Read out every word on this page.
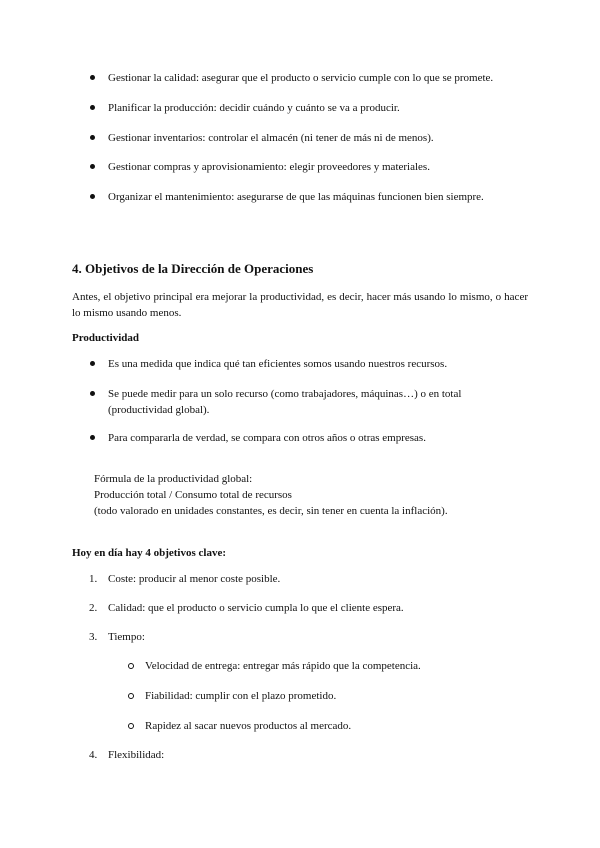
Gestionar la calidad: asegurar que el producto o servicio cumple con lo que se promete.
Planificar la producción: decidir cuándo y cuánto se va a producir.
Gestionar inventarios: controlar el almacén (ni tener de más ni de menos).
Gestionar compras y aprovisionamiento: elegir proveedores y materiales.
Organizar el mantenimiento: asegurarse de que las máquinas funcionen bien siempre.
4. Objetivos de la Dirección de Operaciones
Antes, el objetivo principal era mejorar la productividad, es decir, hacer más usando lo mismo, o hacer lo mismo usando menos.
Productividad
Es una medida que indica qué tan eficientes somos usando nuestros recursos.
Se puede medir para un solo recurso (como trabajadores, máquinas…) o en total (productividad global).
Para compararla de verdad, se compara con otros años o otras empresas.
Fórmula de la productividad global:
Producción total / Consumo total de recursos
(todo valorado en unidades constantes, es decir, sin tener en cuenta la inflación).
Hoy en día hay 4 objetivos clave:
1. Coste: producir al menor coste posible.
2. Calidad: que el producto o servicio cumpla lo que el cliente espera.
3. Tiempo:
Velocidad de entrega: entregar más rápido que la competencia.
Fiabilidad: cumplir con el plazo prometido.
Rapidez al sacar nuevos productos al mercado.
4. Flexibilidad:
